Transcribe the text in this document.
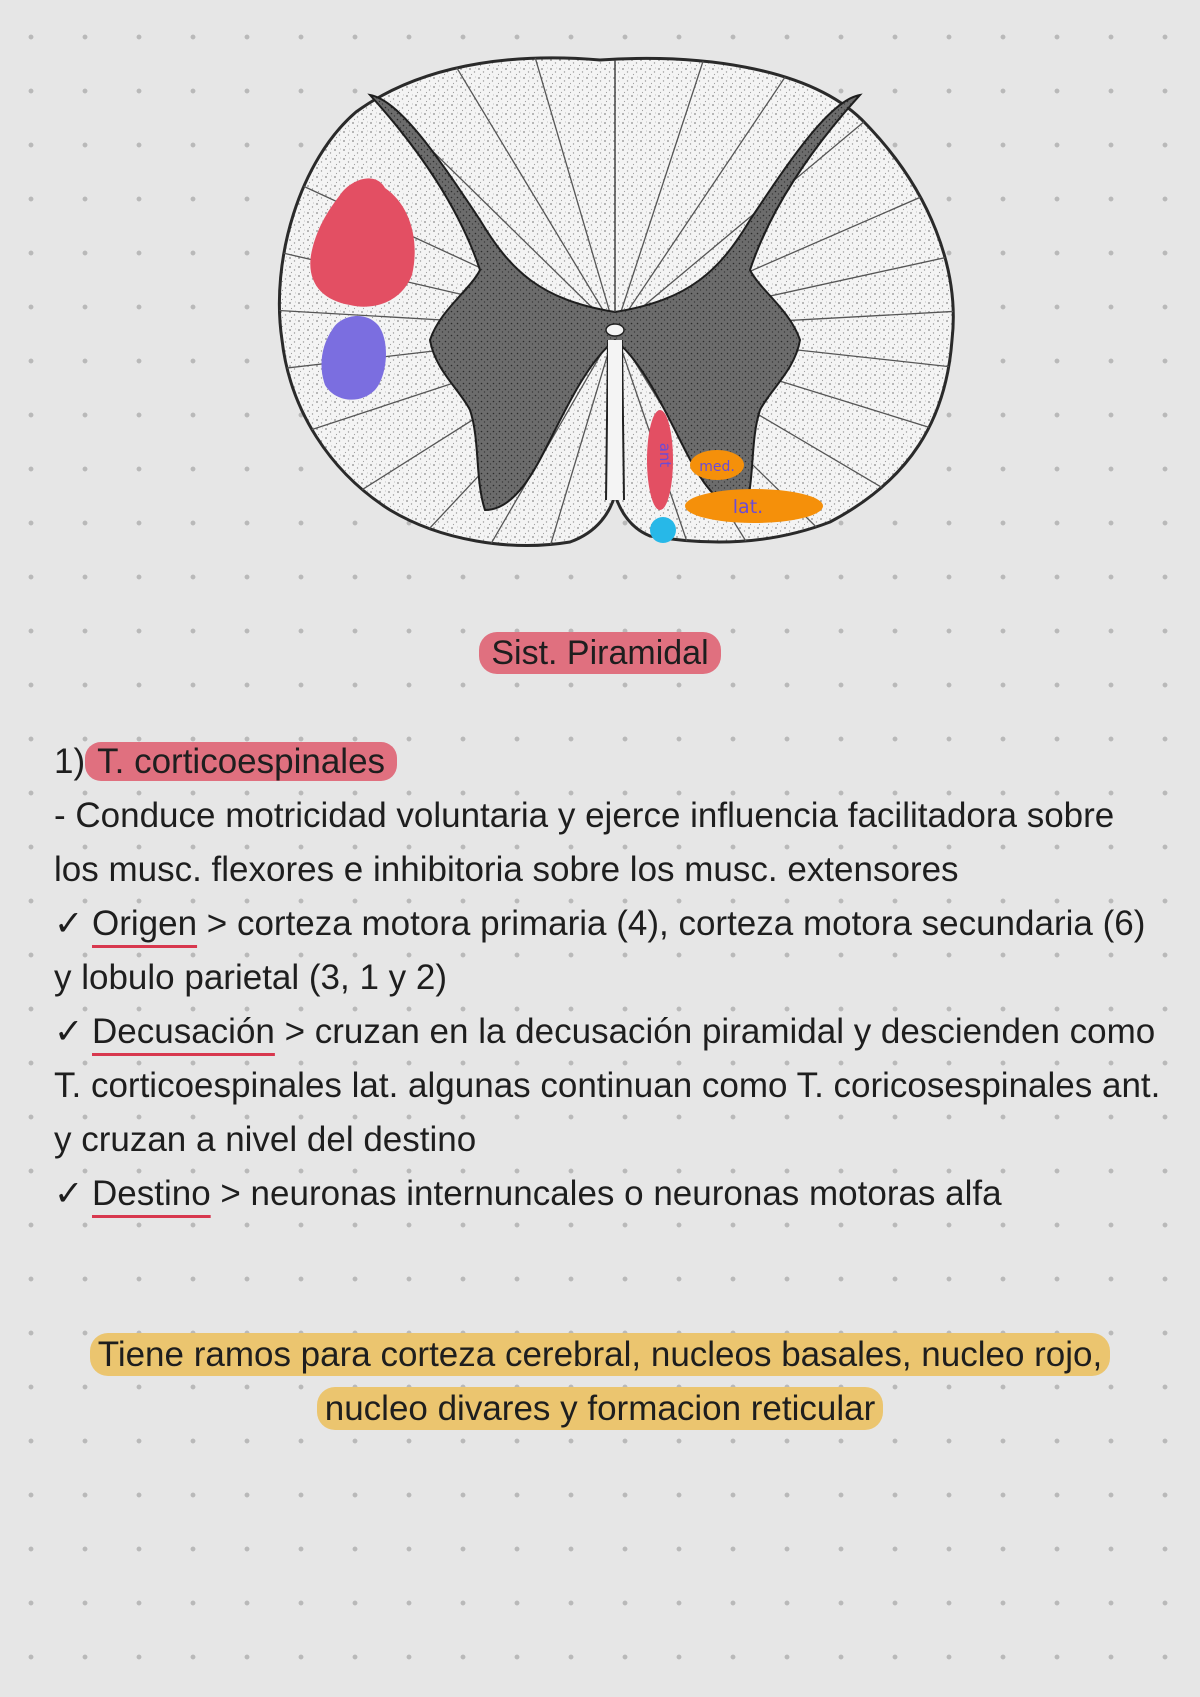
ant med.
lat.
Sist. Piramidal

1) T. corticoespinales

- Conduce motricidad voluntaria y ejerce influencia facilitadora sobre los musc. flexores e inhibitoria sobre los musc. extensores

✓ Origen > corteza motora primaria (4), corteza motora secundaria (6) y lobulo parietal (3, 1 y 2)

✓ Decusación > cruzan en la decusación piramidal y descienden como T. corticoespinales lat. algunas continuan como T. coricosespinales ant. y cruzan a nivel del destino

✓ Destino > neuronas internuncales o neuronas motoras alfa

Tiene ramos para corteza cerebral, nucleos basales, nucleo rojo, nucleo divares y formacion reticular
